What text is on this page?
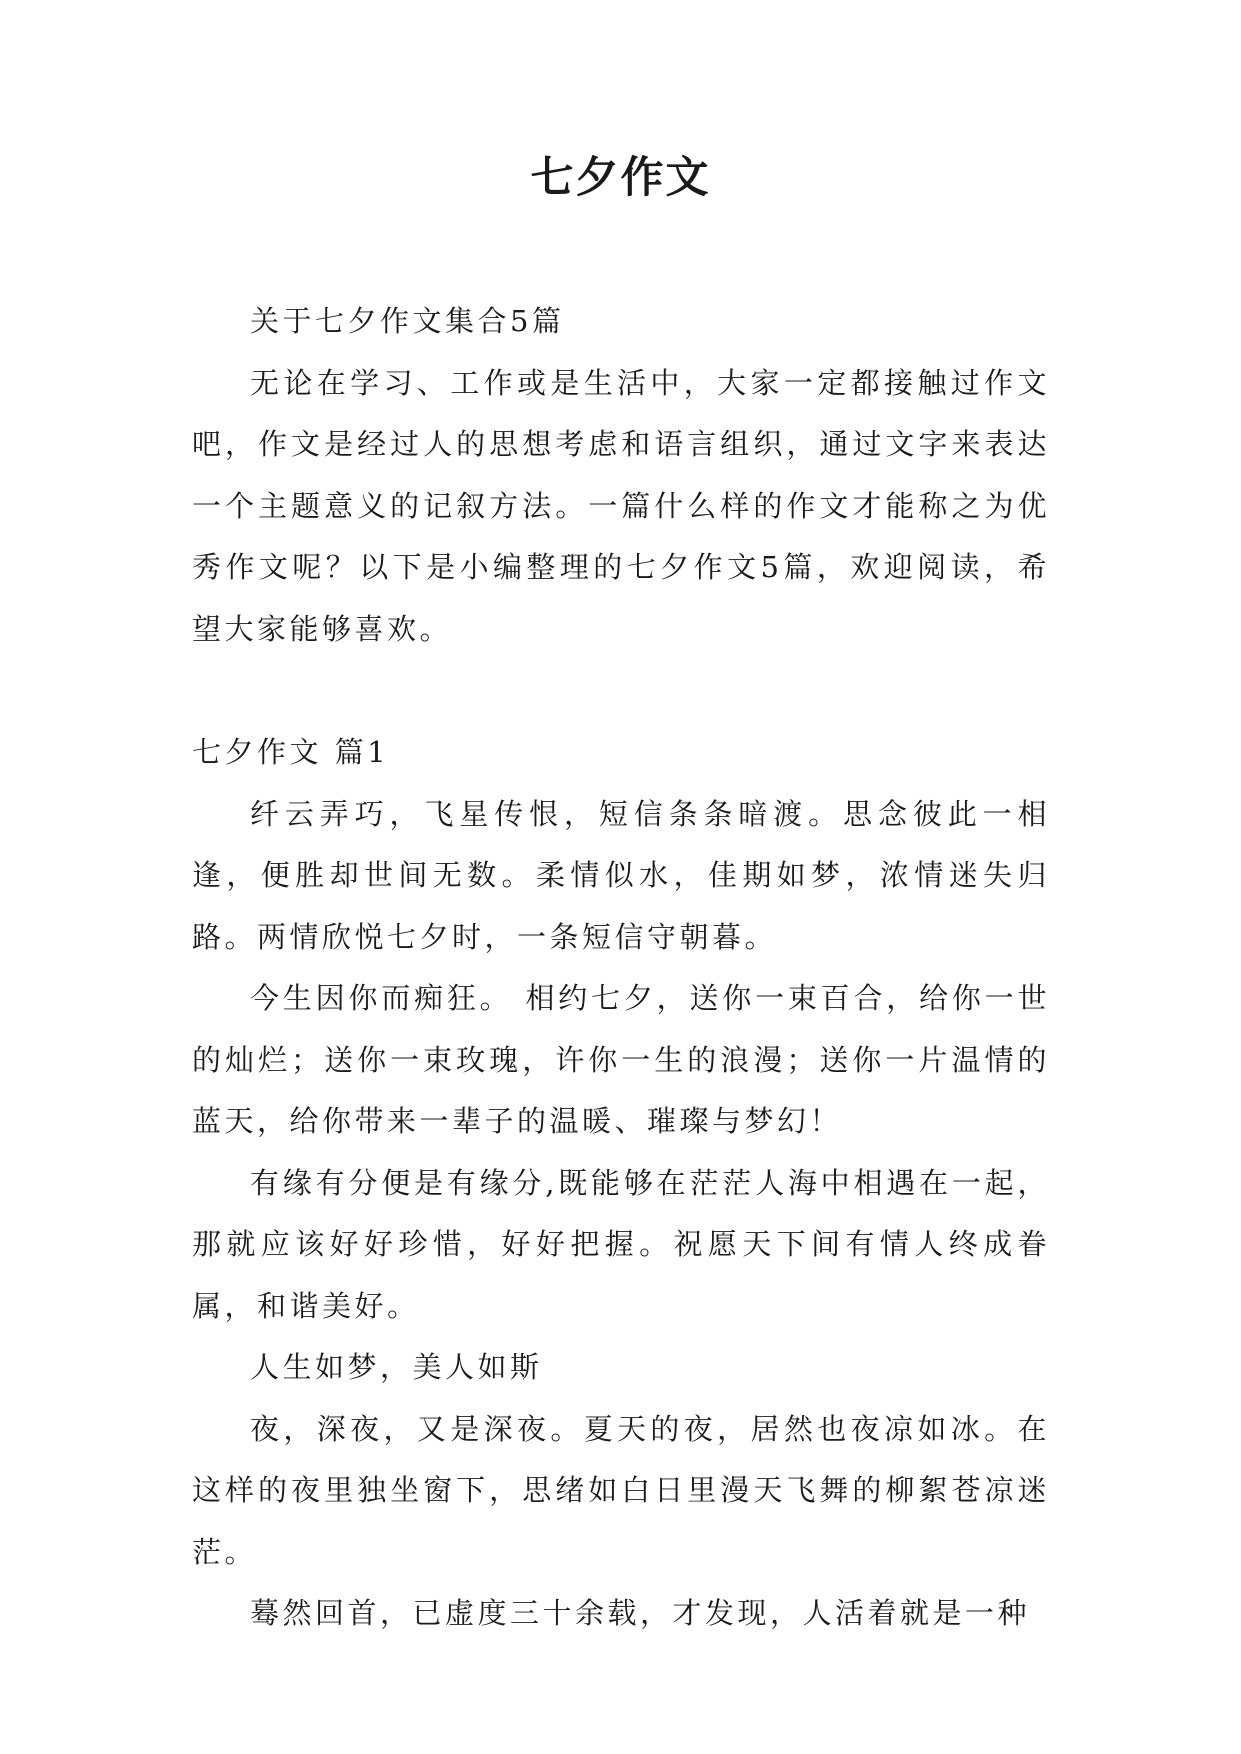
七夕作文

关于七夕作文集合5篇

无论在学习、工作或是生活中，大家一定都接触过作文吧，作文是经过人的思想考虑和语言组织，通过文字来表达一个主题意义的记叙方法。一篇什么样的作文才能称之为优秀作文呢？以下是小编整理的七夕作文5篇，欢迎阅读，希望大家能够喜欢。

七夕作文 篇1

纤云弄巧，飞星传恨，短信条条暗渡。思念彼此一相逢，便胜却世间无数。柔情似水，佳期如梦，浓情迷失归路。两情欣悦七夕时，一条短信守朝暮。

今生因你而痴狂。 相约七夕，送你一束百合，给你一世的灿烂；送你一束玫瑰，许你一生的浪漫；送你一片温情的蓝天，给你带来一辈子的温暖、璀璨与梦幻！

有缘有分便是有缘分,既能够在茫茫人海中相遇在一起，那就应该好好珍惜，好好把握。祝愿天下间有情人终成眷属，和谐美好。

人生如梦，美人如斯

夜，深夜，又是深夜。夏天的夜，居然也夜凉如冰。在这样的夜里独坐窗下，思绪如白日里漫天飞舞的柳絮苍凉迷茫。

蓦然回首，已虚度三十余载，才发现，人活着就是一种
